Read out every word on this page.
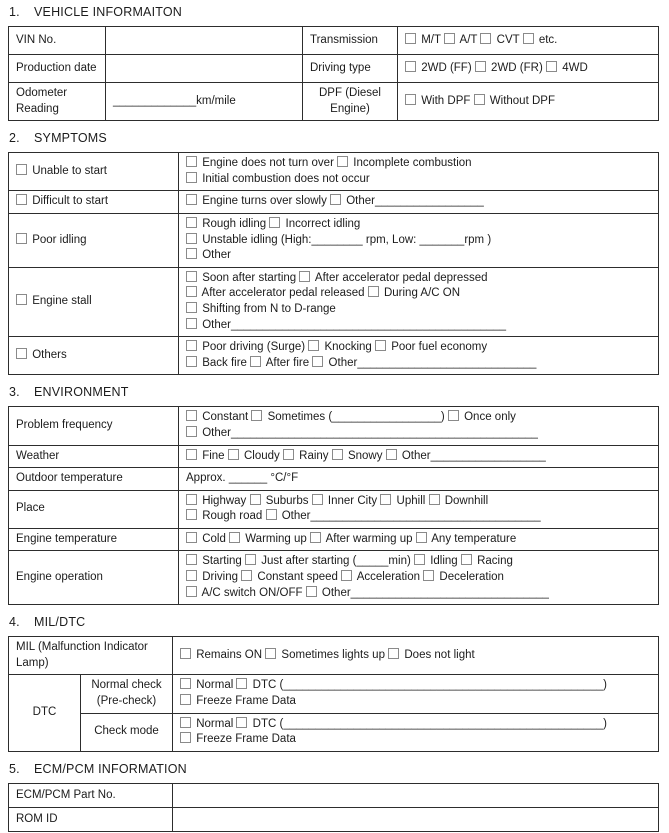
1. VEHICLE INFORMAITON
VIN No.		Transmission	M/T  A/T  CVT  etc.
Production date		Driving type	2WD (FF)  2WD (FR)  4WD
Odometer Reading	_____________km/mile	DPF (Diesel Engine)	With DPF  Without DPF
2. SYMPTOMS
Unable to start	Engine does not turn over  Incomplete combustion
Initial combustion does not occur

Difficult to start	Engine turns over slowly  Other_________________

Poor idling	Rough idling  Incorrect idling
Unstable idling (High:________ rpm, Low: _______rpm )
Other

Engine stall	Soon after starting  After accelerator pedal depressed
After accelerator pedal released  During A/C ON
Shifting from N to D-range
Other___________________________________________

Others	Poor driving (Surge)  Knocking  Poor fuel economy
Back fire  After fire  Other____________________________
3. ENVIRONMENT
Problem frequency	Constant  Sometimes (_________________)  Once only
Other________________________________________________

Weather	Fine  Cloudy  Rainy  Snowy  Other__________________

Outdoor temperature	Approx. ______ °C/°F

Place	Highway  Suburbs  Inner City  Uphill  Downhill
Rough road  Other____________________________________

Engine temperature	Cold  Warming up  After warming up  Any temperature

Engine operation	Starting  Just after starting (_____min)  Idling  Racing
Driving  Constant speed  Acceleration  Deceleration
A/C switch ON/OFF  Other_______________________________
4. MIL/DTC
MIL (Malfunction Indicator Lamp)		Remains ON  Sometimes lights up  Does not light

DTC	Normal check (Pre-check)	Normal  DTC (__________________________________________________)
Freeze Frame Data

	Check mode	Normal  DTC (__________________________________________________)
Freeze Frame Data
5. ECM/PCM INFORMATION
ECM/PCM Part No.	
ROM ID	
